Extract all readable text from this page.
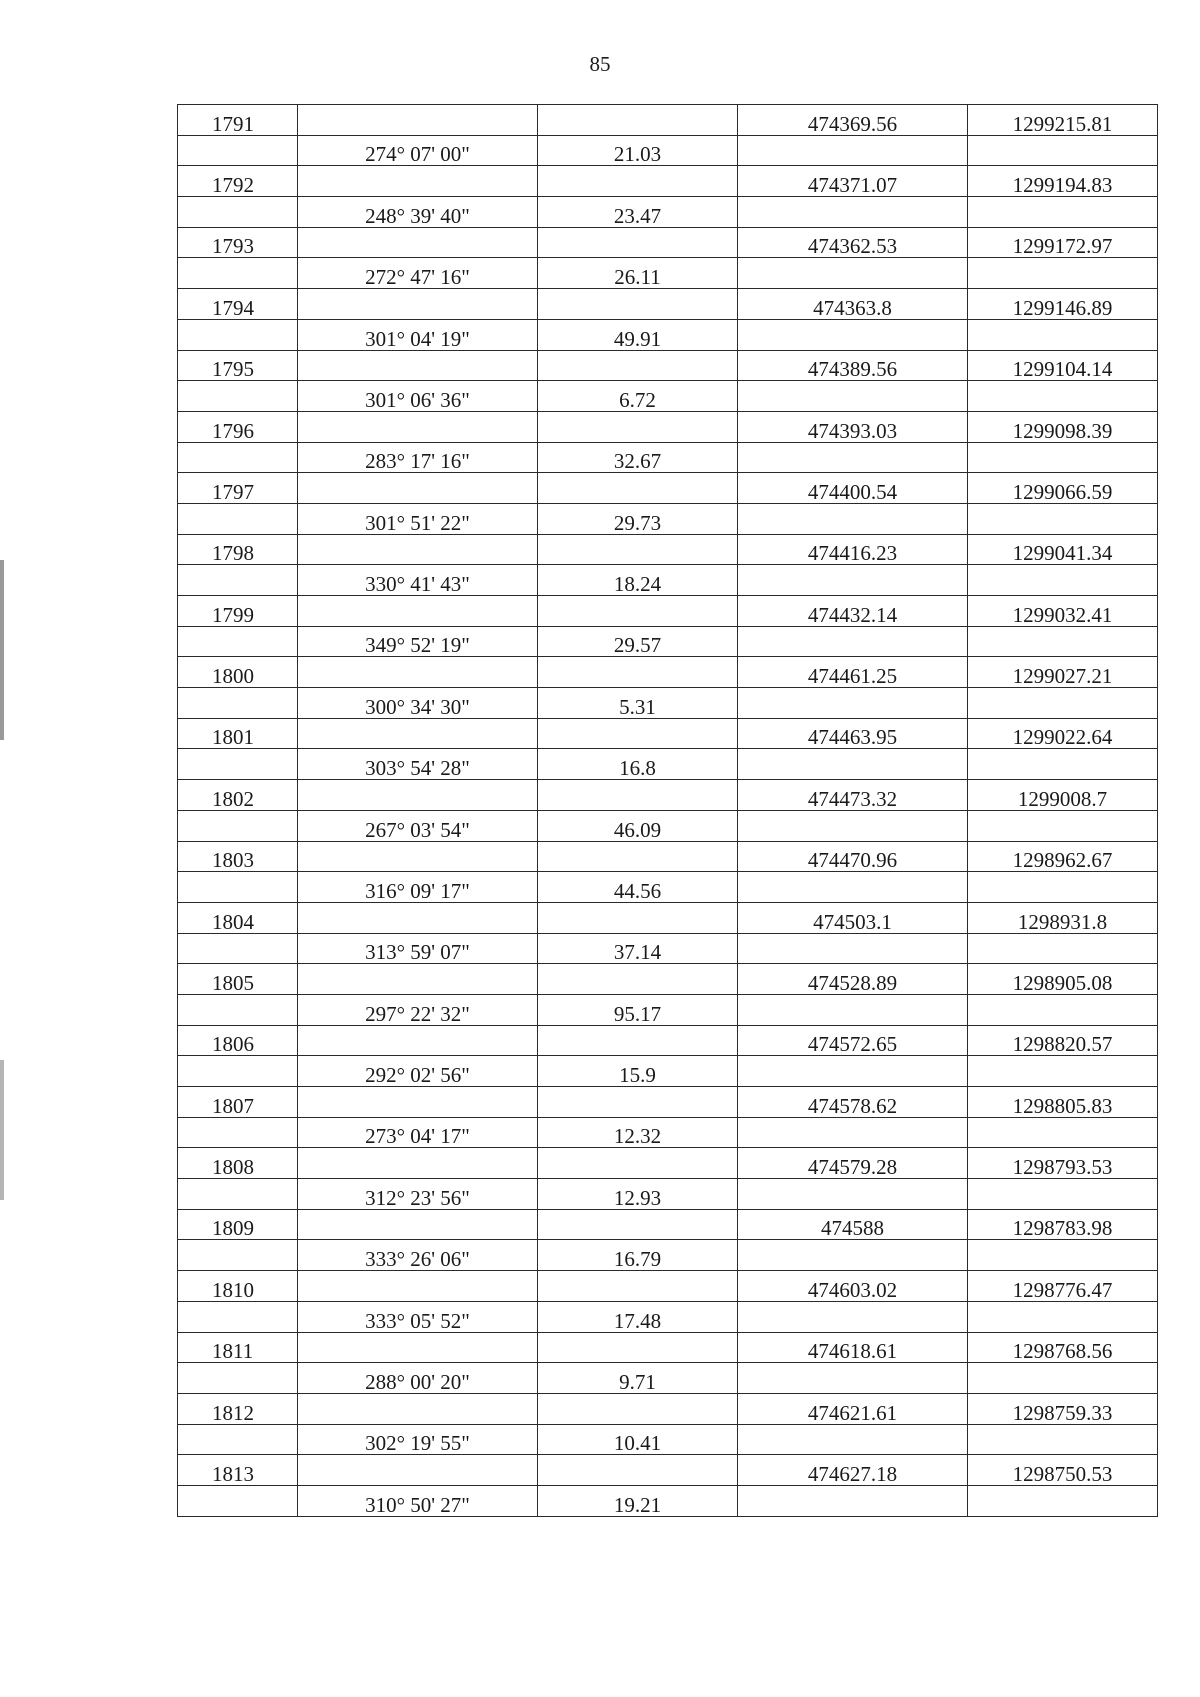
85
1791			474369.56	1299215.81
	274° 07' 00"	21.03		
1792			474371.07	1299194.83
	248° 39' 40"	23.47		
1793			474362.53	1299172.97
	272° 47' 16"	26.11		
1794			474363.8	1299146.89
	301° 04' 19"	49.91		
1795			474389.56	1299104.14
	301° 06' 36"	6.72		
1796			474393.03	1299098.39
	283° 17' 16"	32.67		
1797			474400.54	1299066.59
	301° 51' 22"	29.73		
1798			474416.23	1299041.34
	330° 41' 43"	18.24		
1799			474432.14	1299032.41
	349° 52' 19"	29.57		
1800			474461.25	1299027.21
	300° 34' 30"	5.31		
1801			474463.95	1299022.64
	303° 54' 28"	16.8		
1802			474473.32	1299008.7
	267° 03' 54"	46.09		
1803			474470.96	1298962.67
	316° 09' 17"	44.56		
1804			474503.1	1298931.8
	313° 59' 07"	37.14		
1805			474528.89	1298905.08
	297° 22' 32"	95.17		
1806			474572.65	1298820.57
	292° 02' 56"	15.9		
1807			474578.62	1298805.83
	273° 04' 17"	12.32		
1808			474579.28	1298793.53
	312° 23' 56"	12.93		
1809			474588	1298783.98
	333° 26' 06"	16.79		
1810			474603.02	1298776.47
	333° 05' 52"	17.48		
1811			474618.61	1298768.56
	288° 00' 20"	9.71		
1812			474621.61	1298759.33
	302° 19' 55"	10.41		
1813			474627.18	1298750.53
	310° 50' 27"	19.21		
